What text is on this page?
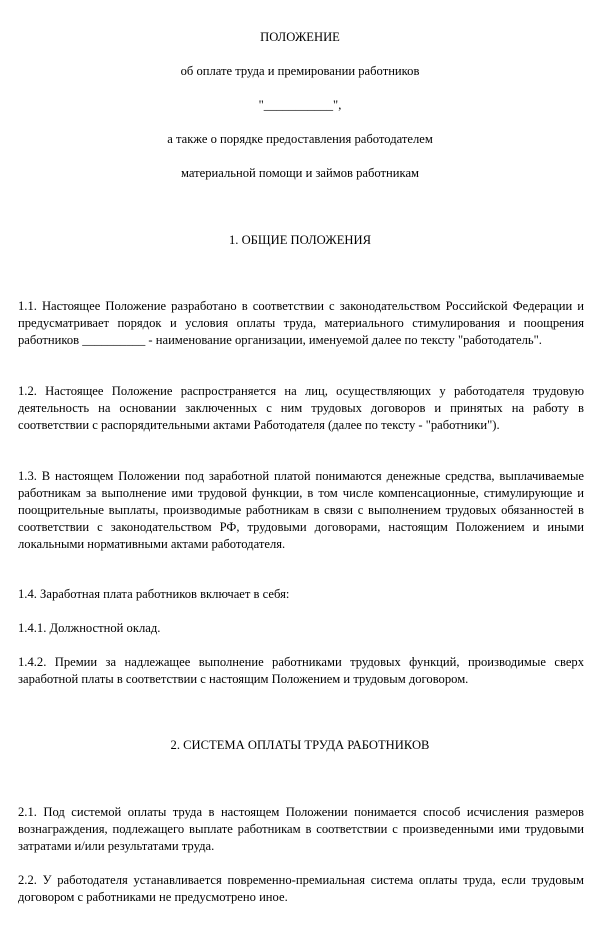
ПОЛОЖЕНИЕ
об оплате труда и премировании работников
"___________",
а также о порядке предоставления работодателем
материальной помощи и займов работникам
1. ОБЩИЕ ПОЛОЖЕНИЯ
1.1. Настоящее Положение разработано в соответствии с законодательством Российской Федерации и предусматривает порядок и условия оплаты труда, материального стимулирования и поощрения работников __________ - наименование организации, именуемой далее по тексту "работодатель".
1.2. Настоящее Положение распространяется на лиц, осуществляющих у работодателя трудовую деятельность на основании заключенных с ним трудовых договоров и принятых на работу в соответствии с распорядительными актами Работодателя (далее по тексту - "работники").
1.3. В настоящем Положении под заработной платой понимаются денежные средства, выплачиваемые работникам за выполнение ими трудовой функции, в том числе компенсационные, стимулирующие и поощрительные выплаты, производимые работникам в связи с выполнением трудовых обязанностей в соответствии с законодательством РФ, трудовыми договорами, настоящим Положением и иными локальными нормативными актами работодателя.
1.4. Заработная плата работников включает в себя:
1.4.1. Должностной оклад.
1.4.2. Премии за надлежащее выполнение работниками трудовых функций, производимые сверх заработной платы в соответствии с настоящим Положением и трудовым договором.
2. СИСТЕМА ОПЛАТЫ ТРУДА РАБОТНИКОВ
2.1. Под системой оплаты труда в настоящем Положении понимается способ исчисления размеров вознаграждения, подлежащего выплате работникам в соответствии с произведенными ими трудовыми затратами и/или результатами труда.
2.2. У работодателя устанавливается повременно-премиальная система оплаты труда, если трудовым договором с работниками не предусмотрено иное.
